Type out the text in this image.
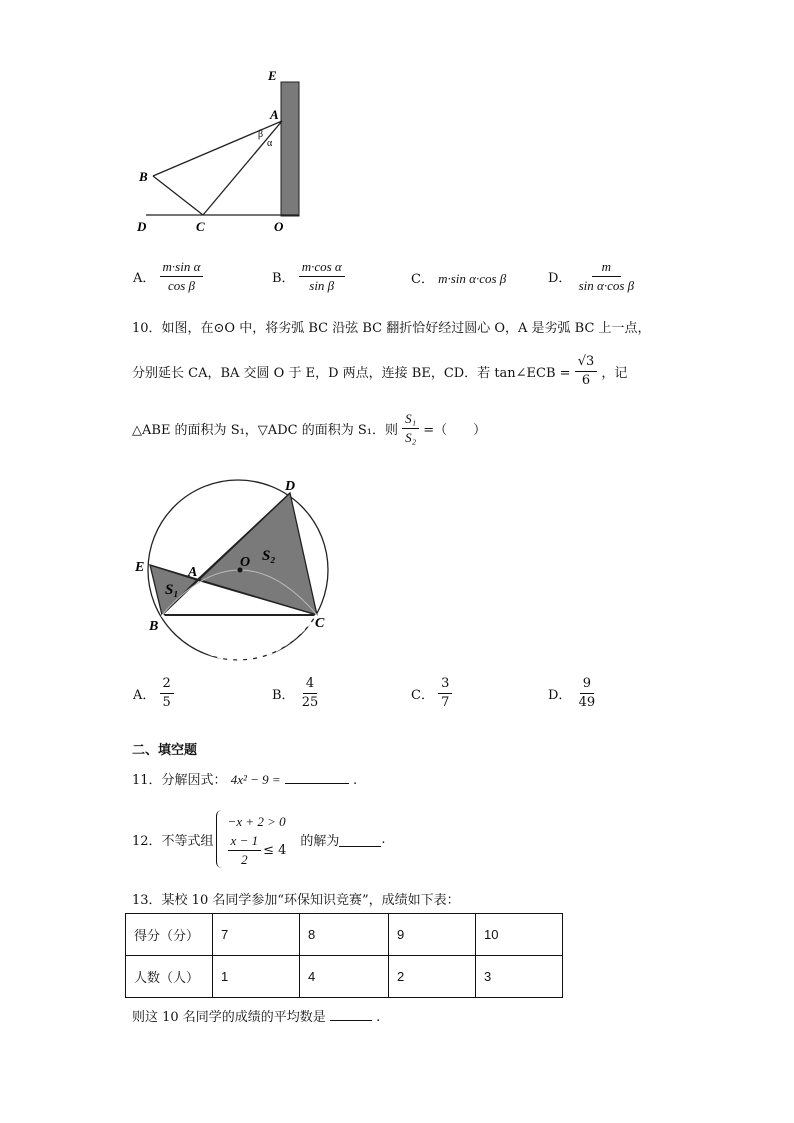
E
A
β
α
B
D	C	O
A． $\frac{\text{m·sin α}}{\text{cos β}}$	B． $\frac{\text{m·cos α}}{\text{sin β}}$	C． m·sin α·cos β	D． $\frac{m}{\text{sin α·cos β}}$
10．如图，在⊙O 中，将劣弧 BC 沿弦 BC 翻折恰好经过圆心 O，A 是劣弧 BC 上一点，
分别延长 CA，BA 交圆 O 于 E，D 两点，连接 BE，CD．若 tan∠ECB = $\frac{√3}{6}$ ，记
△ABE 的面积为 S₁，▽ADC 的面积为 S₁．则 $\frac{\text{S₁}}{\text{S₂}}$ =（　　）
D
E	A
O S₂
S₁
B	C
A． $\frac{2}{5}$	B． $\frac{4}{25}$	C． $\frac{3}{7}$	D． $\frac{9}{49}$
二、填空题
11．分解因式： 4x² − 9 =	.
12．不等式组
−x + 2 > 0
$\frac{x - 1}{2} \le 4$
的解为	.
13．某校 10 名同学参加“环保知识竞赛”，成绩如下表：
得分（分）	7	8	9	10
人数（人）	1	4	2	3
则这 10 名同学的成绩的平均数是	.
